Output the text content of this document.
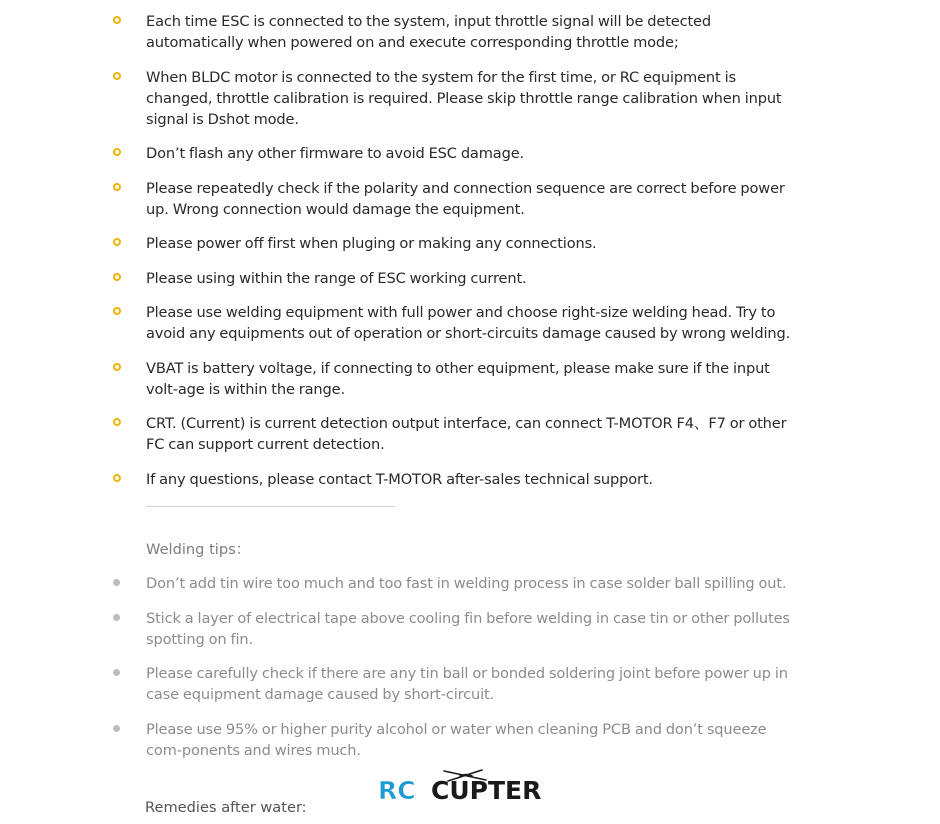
Each time ESC is connected to the system, input throttle signal will be detected automatically when powered on and execute corresponding throttle mode;
When BLDC motor is connected to the system for the first time, or RC equipment is changed, throttle calibration is required. Please skip throttle range calibration when input signal is Dshot mode.
Don’t flash any other firmware to avoid ESC damage.
Please repeatedly check if the polarity and connection sequence are correct before power up. Wrong connection would damage the equipment.
Please power off first when pluging or making any connections.
Please using within the range of ESC working current.
Please use welding equipment with full power and choose right-size welding head. Try to avoid any equipments out of operation or short-circuits damage caused by wrong welding.
VBAT is battery voltage, if connecting to other equipment, please make sure if the input volt-age is within the range.
CRT. (Current) is current detection output interface, can connect T-MOTOR F4、F7 or other FC can support current detection.
If any questions, please contact T-MOTOR after-sales technical support.
Welding tips：
Don’t add tin wire too much and too fast in welding process in case solder ball spilling out.
Stick a layer of electrical tape above cooling fin before welding in case tin or other pollutes spotting on fin.
Please carefully check if there are any tin ball or bonded soldering joint before power up in case equipment damage caused by short-circuit.
Please use 95% or higher purity alcohol or water when cleaning PCB and don’t squeeze com-ponents and wires much.
Remedies after water:
RC CUPTER
